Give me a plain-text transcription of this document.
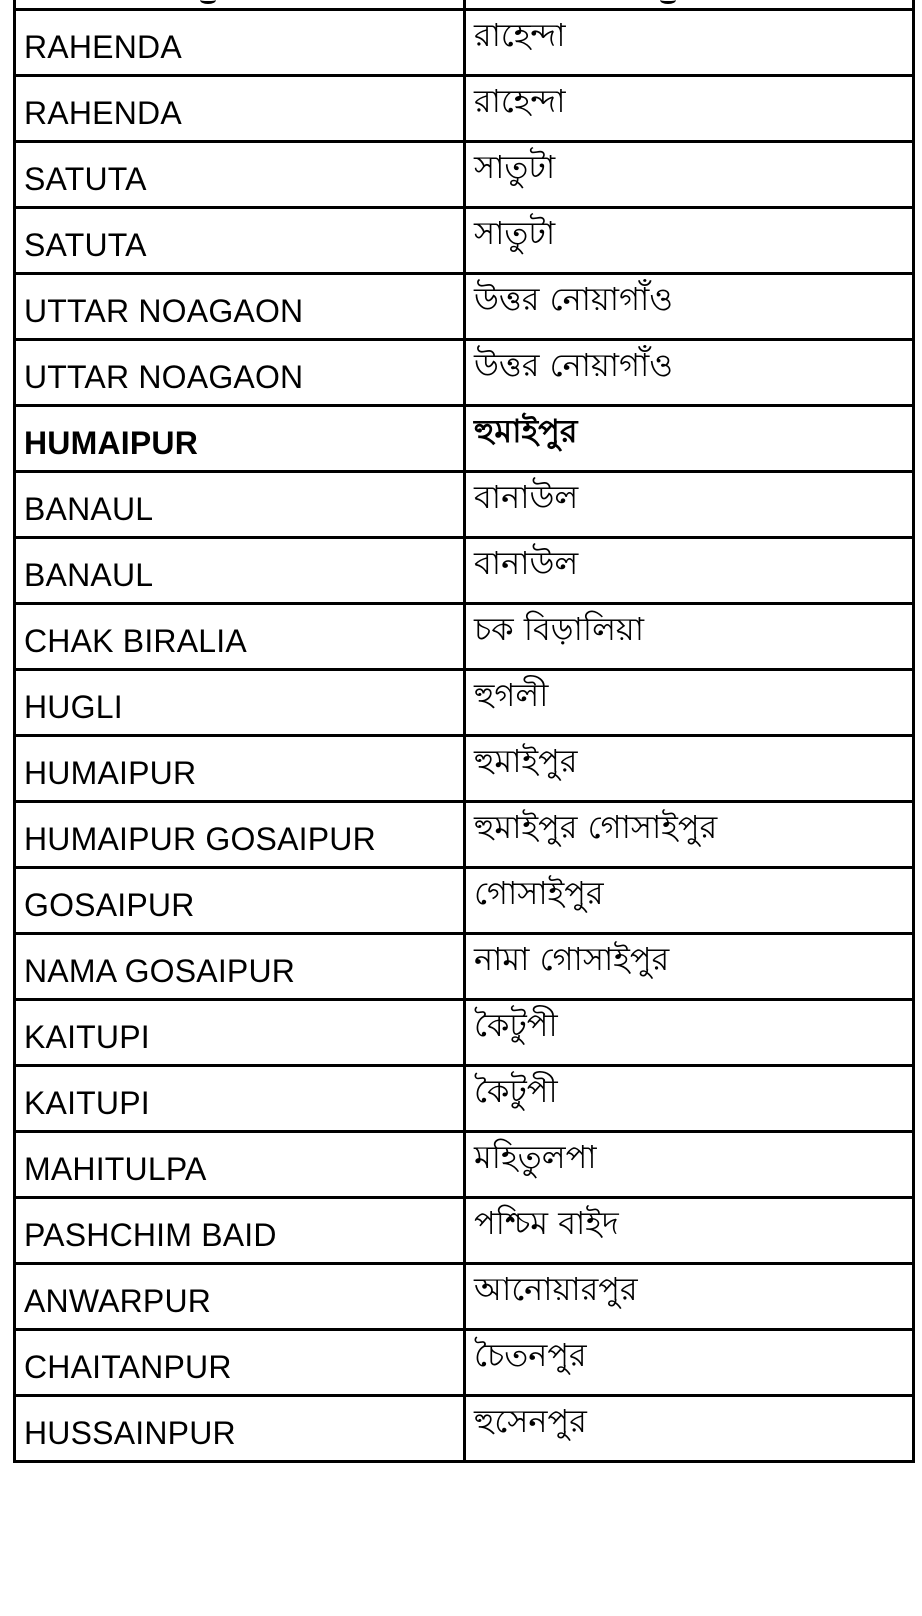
RAHENDA	রাহেন্দা
RAHENDA	রাহেন্দা
SATUTA	সাতুটা
SATUTA	সাতুটা
UTTAR NOAGAON	উত্তর নোয়াগাঁও
UTTAR NOAGAON	উত্তর নোয়াগাঁও
HUMAIPUR	হুমাইপুর
BANAUL	বানাউল
BANAUL	বানাউল
CHAK BIRALIA	চক বিড়ালিয়া
HUGLI	হুগলী
HUMAIPUR	হুমাইপুর
HUMAIPUR GOSAIPUR	হুমাইপুর গোসাইপুর
GOSAIPUR	গোসাইপুর
NAMA GOSAIPUR	নামা গোসাইপুর
KAITUPI	কৈটুপী
KAITUPI	কৈটুপী
MAHITULPA	মহিতুলপা
PASHCHIM BAID	পশ্চিম বাইদ
ANWARPUR	আনোয়ারপুর
CHAITANPUR	চৈতনপুর
HUSSAINPUR	হুসেনপুর
